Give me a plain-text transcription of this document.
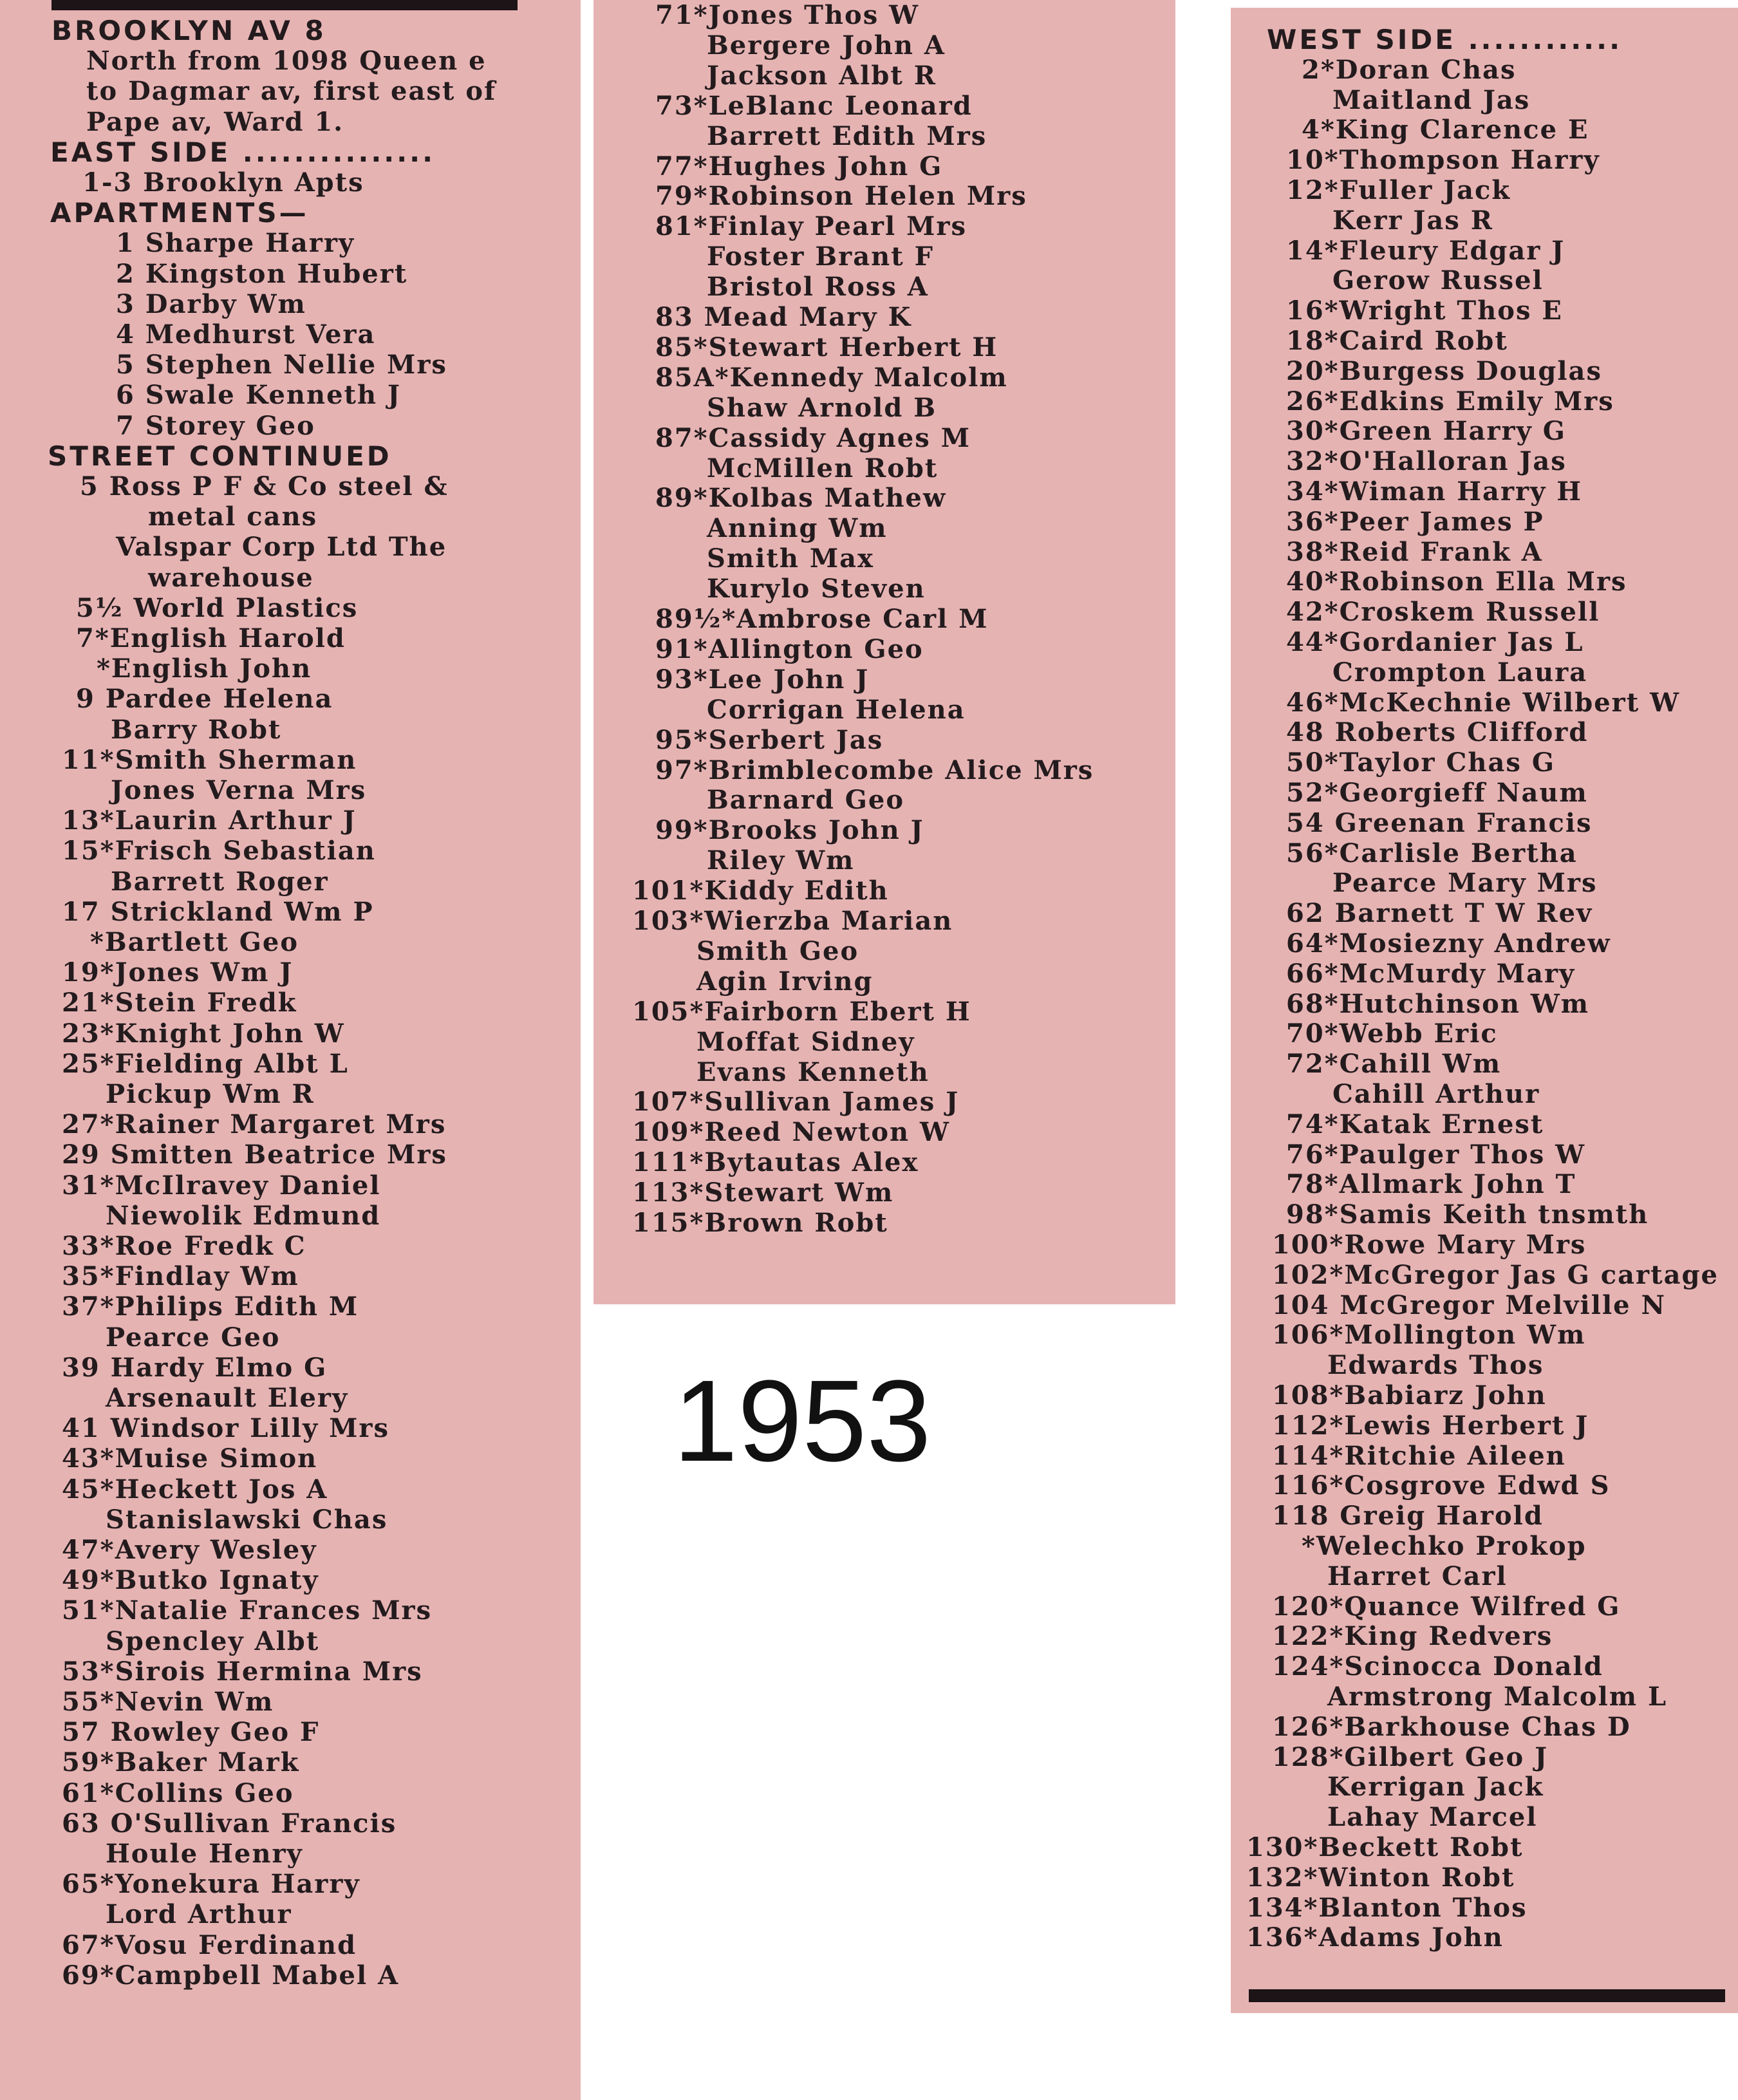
BROOKLYN AV 8
North from 1098 Queen e
to Dagmar av, first east of
Pape av, Ward 1.
EAST SIDE ...............
1-3 Brooklyn Apts
APARTMENTS—
1 Sharpe Harry
2 Kingston Hubert
3 Darby Wm
4 Medhurst Vera
5 Stephen Nellie Mrs
6 Swale Kenneth J
7 Storey Geo
STREET CONTINUED
5 Ross P F & Co steel &
metal cans
Valspar Corp Ltd The
warehouse
5½ World Plastics
7*English Harold
*English John
9 Pardee Helena
Barry Robt
11*Smith Sherman
Jones Verna Mrs
13*Laurin Arthur J
15*Frisch Sebastian
Barrett Roger
17 Strickland Wm P
*Bartlett Geo
19*Jones Wm J
21*Stein Fredk
23*Knight John W
25*Fielding Albt L
Pickup Wm R
27*Rainer Margaret Mrs
29 Smitten Beatrice Mrs
31*McIlravey Daniel
Niewolik Edmund
33*Roe Fredk C
35*Findlay Wm
37*Philips Edith M
Pearce Geo
39 Hardy Elmo G
Arsenault Elery
41 Windsor Lilly Mrs
43*Muise Simon
45*Heckett Jos A
Stanislawski Chas
47*Avery Wesley
49*Butko Ignaty
51*Natalie Frances Mrs
Spencley Albt
53*Sirois Hermina Mrs
55*Nevin Wm
57 Rowley Geo F
59*Baker Mark
61*Collins Geo
63 O'Sullivan Francis
Houle Henry
65*Yonekura Harry
Lord Arthur
67*Vosu Ferdinand
69*Campbell Mabel A
71*Jones Thos W
Bergere John A
Jackson Albt R
73*LeBlanc Leonard
Barrett Edith Mrs
77*Hughes John G
79*Robinson Helen Mrs
81*Finlay Pearl Mrs
Foster Brant F
Bristol Ross A
83 Mead Mary K
85*Stewart Herbert H
85A*Kennedy Malcolm
Shaw Arnold B
87*Cassidy Agnes M
McMillen Robt
89*Kolbas Mathew
Anning Wm
Smith Max
Kurylo Steven
89½*Ambrose Carl M
91*Allington Geo
93*Lee John J
Corrigan Helena
95*Serbert Jas
97*Brimblecombe Alice Mrs
Barnard Geo
99*Brooks John J
Riley Wm
101*Kiddy Edith
103*Wierzba Marian
Smith Geo
Agin Irving
105*Fairborn Ebert H
Moffat Sidney
Evans Kenneth
107*Sullivan James J
109*Reed Newton W
111*Bytautas Alex
113*Stewart Wm
115*Brown Robt
WEST SIDE ............
2*Doran Chas
Maitland Jas
4*King Clarence E
10*Thompson Harry
12*Fuller Jack
Kerr Jas R
14*Fleury Edgar J
Gerow Russel
16*Wright Thos E
18*Caird Robt
20*Burgess Douglas
26*Edkins Emily Mrs
30*Green Harry G
32*O'Halloran Jas
34*Wiman Harry H
36*Peer James P
38*Reid Frank A
40*Robinson Ella Mrs
42*Croskem Russell
44*Gordanier Jas L
Crompton Laura
46*McKechnie Wilbert W
48 Roberts Clifford
50*Taylor Chas G
52*Georgieff Naum
54 Greenan Francis
56*Carlisle Bertha
Pearce Mary Mrs
62 Barnett T W Rev
64*Mosiezny Andrew
66*McMurdy Mary
68*Hutchinson Wm
70*Webb Eric
72*Cahill Wm
Cahill Arthur
74*Katak Ernest
76*Paulger Thos W
78*Allmark John T
98*Samis Keith tnsmth
100*Rowe Mary Mrs
102*McGregor Jas G cartage
104 McGregor Melville N
106*Mollington Wm
Edwards Thos
108*Babiarz John
112*Lewis Herbert J
114*Ritchie Aileen
116*Cosgrove Edwd S
118 Greig Harold
*Welechko Prokop
Harret Carl
120*Quance Wilfred G
122*King Redvers
124*Scinocca Donald
Armstrong Malcolm L
126*Barkhouse Chas D
128*Gilbert Geo J
Kerrigan Jack
Lahay Marcel
130*Beckett Robt
132*Winton Robt
134*Blanton Thos
136*Adams John
1953
